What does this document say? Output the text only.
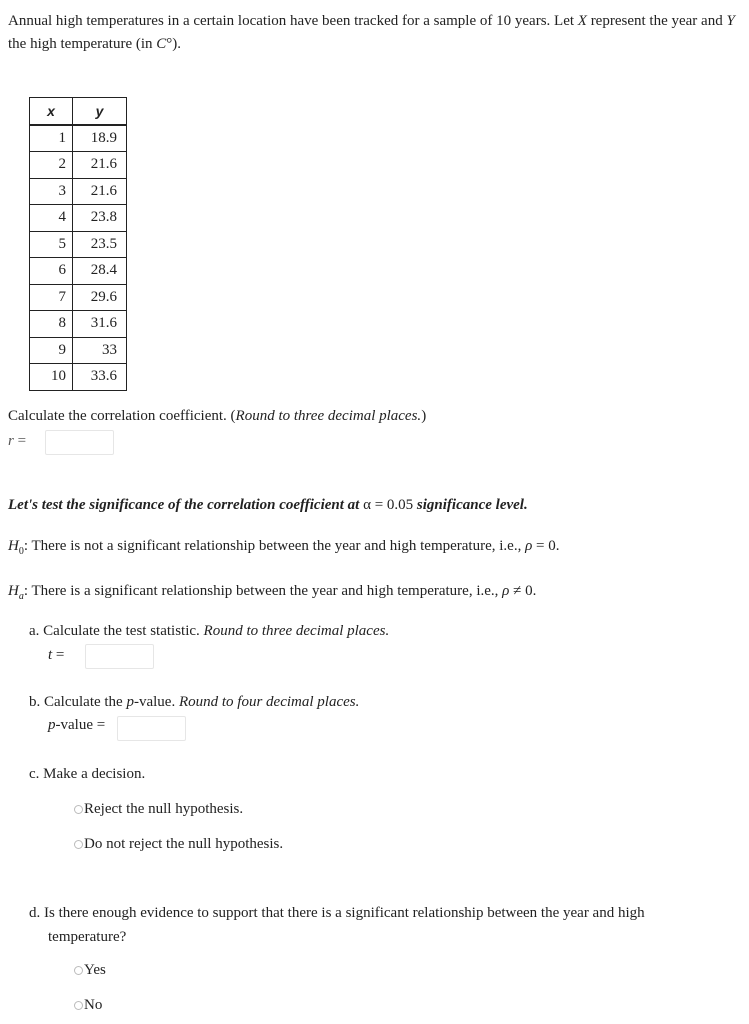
Annual high temperatures in a certain location have been tracked for a sample of 10 years. Let X represent the year and Y the high temperature (in C°).
x	y
1	18.9
2	21.6
3	21.6
4	23.8
5	23.5
6	28.4
7	29.6
8	31.6
9	33
10	33.6
Calculate the correlation coefficient. (Round to three decimal places.)
r =
Let's test the significance of the correlation coefficient at α = 0.05 significance level.
$H_0$: There is not a significant relationship between the year and high temperature, i.e., ρ = 0.
$H_a$: There is a significant relationship between the year and high temperature, i.e., ρ ≠ 0.
a. Calculate the test statistic. Round to three decimal places.
t =
b. Calculate the p-value. Round to four decimal places.
p-value =
c. Make a decision.
Reject the null hypothesis.
Do not reject the null hypothesis.
d. Is there enough evidence to support that there is a significant relationship between the year and high
temperature?
Yes
No
